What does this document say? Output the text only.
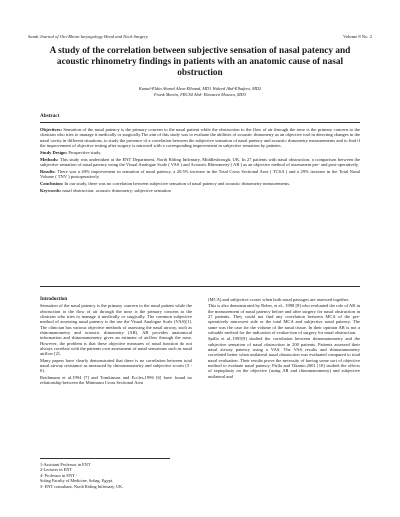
Saudi Journal of Oto-Rhino-laryngology Head and Neck Surgery	Volume 8 No. 2
A study of the correlation between subjective sensation of nasal patency and acoustic rhinometry findings in patients with an anatomic cause of nasal obstruction
Kamal-Eldin Ahmed Abou-Elhamd, MD1 Waleed Abd-Elhafeez, MD2
Frank Martin, FRCS4 Abd- Elmateen Mousra, MD3
Abstract

Objectives: Sensation of the nasal patency is the primary concern to the nasal patient while the obstruction to the flow of air through the nose is the primary concern to the clinician who tries to manage it medically or surgically.The aim of this study was to evaluate the abilities of acoustic rhinometry as an objective tool in detecting changes in the nasal cavity in different situations, to study the presence of a correlation between the subjective sensation of nasal patency and acoustic rhinometry measurements and to find if the improvement of objective testing after surgery is mirrored with a corresponding improvement in subjective sensation by patients.

Study Design: Prospective study.

Methods: This study was undertaken at the ENT Department, North Riding Infirmary, Middlesbrough, UK. In 27 patients with nasal obstruction, a comparison between the subjective sensation of nasal patency using the Visual Analogue Scale ( VAS ) and Acoustic Rhinometry ( AR ) as an objective method of assessment pre- and post-operatively.

Results: There was a 49% improvement in sensation of nasal patency, a 20.5% increase in the Total Cross Sectional Area ( TCSA ) and a 29% increase in the Total Nasal Volume ( TNV ) postoperatively.

Conclusion: In our study, there was no correlation between subjective sensation of nasal patency and acoustic rhinometry measurements.

Keywords: nasal obstruction; acoustic rhinometry; subjective sensation

Introduction

Sensation of the nasal patency is the primary concern to the nasal patient while the obstruction to the flow of air through the nose is the primary concern to the clinician who tries to manage it medically or surgically. The common subjective method of assessing nasal patency is the use the Visual Analogue Scale (VAS)[1]. The clinician has various objective methods of assessing the nasal airway, such as rhinomanometry and acoustic rhinometry (AR). AR provides anatomical information and rhinomanometry gives an estimate of airflow through the nose. However, the problem is that these objective measures of nasal function do not always correlate with the patients own assessment of nasal sensations such as nasal airflow [2].

Many papers have clearly demonstrated that there is no correlation between total nasal airway resistance as measured by rhinomanometry and subjective scores [3 - 6].

Reithmann et al.1994 [7] and Tomkinson and Eccles,1996 [6] have found no relationship between the Minimum Cross Sectional Area

(MCA) and subjective scores when both nasal passages are assessed together.

This is also demonstrated by Reber, et al., 1998 [8] who evaluated the role of AR in the measurement of nasal patency before and after surgery for nasal obstruction in 27 patients. They could not find any correlation between MCA of the pre-operatively narrowest side or the total MCA and subjective nasal patency. The same was the case for the volume of the nasal tissue. In their opinion AR is not a valuable method for the indication of evalua-tion of surgery for nasal obstruction.

Spilla et al.,1995[9] studied the correlation between rhinomanometry and the subjective sensation of nasal obstruction in 200 patients. Patients assessed their nasal airway patency using a VAS. The VAS results and rhinomanometry correlated better when unilateral nasal obstruction was evaluated compared to total nasal evaluation. Their results prove the necessity of having some sort of objective method to evaluate nasal patency. Pirila and Tikanto,2001 [10] studied the effects of septoplasty on the objective (using AR and rhinomanometry) and subjective unilateral and

1-Assistant Professor in ENT
2-Lecturer in ENT
4- Professor in ENT -
Sohag Faculty of Medicine, Sohag, Egypt.
3- ENT consultant, North Riding Infirmary, UK.
